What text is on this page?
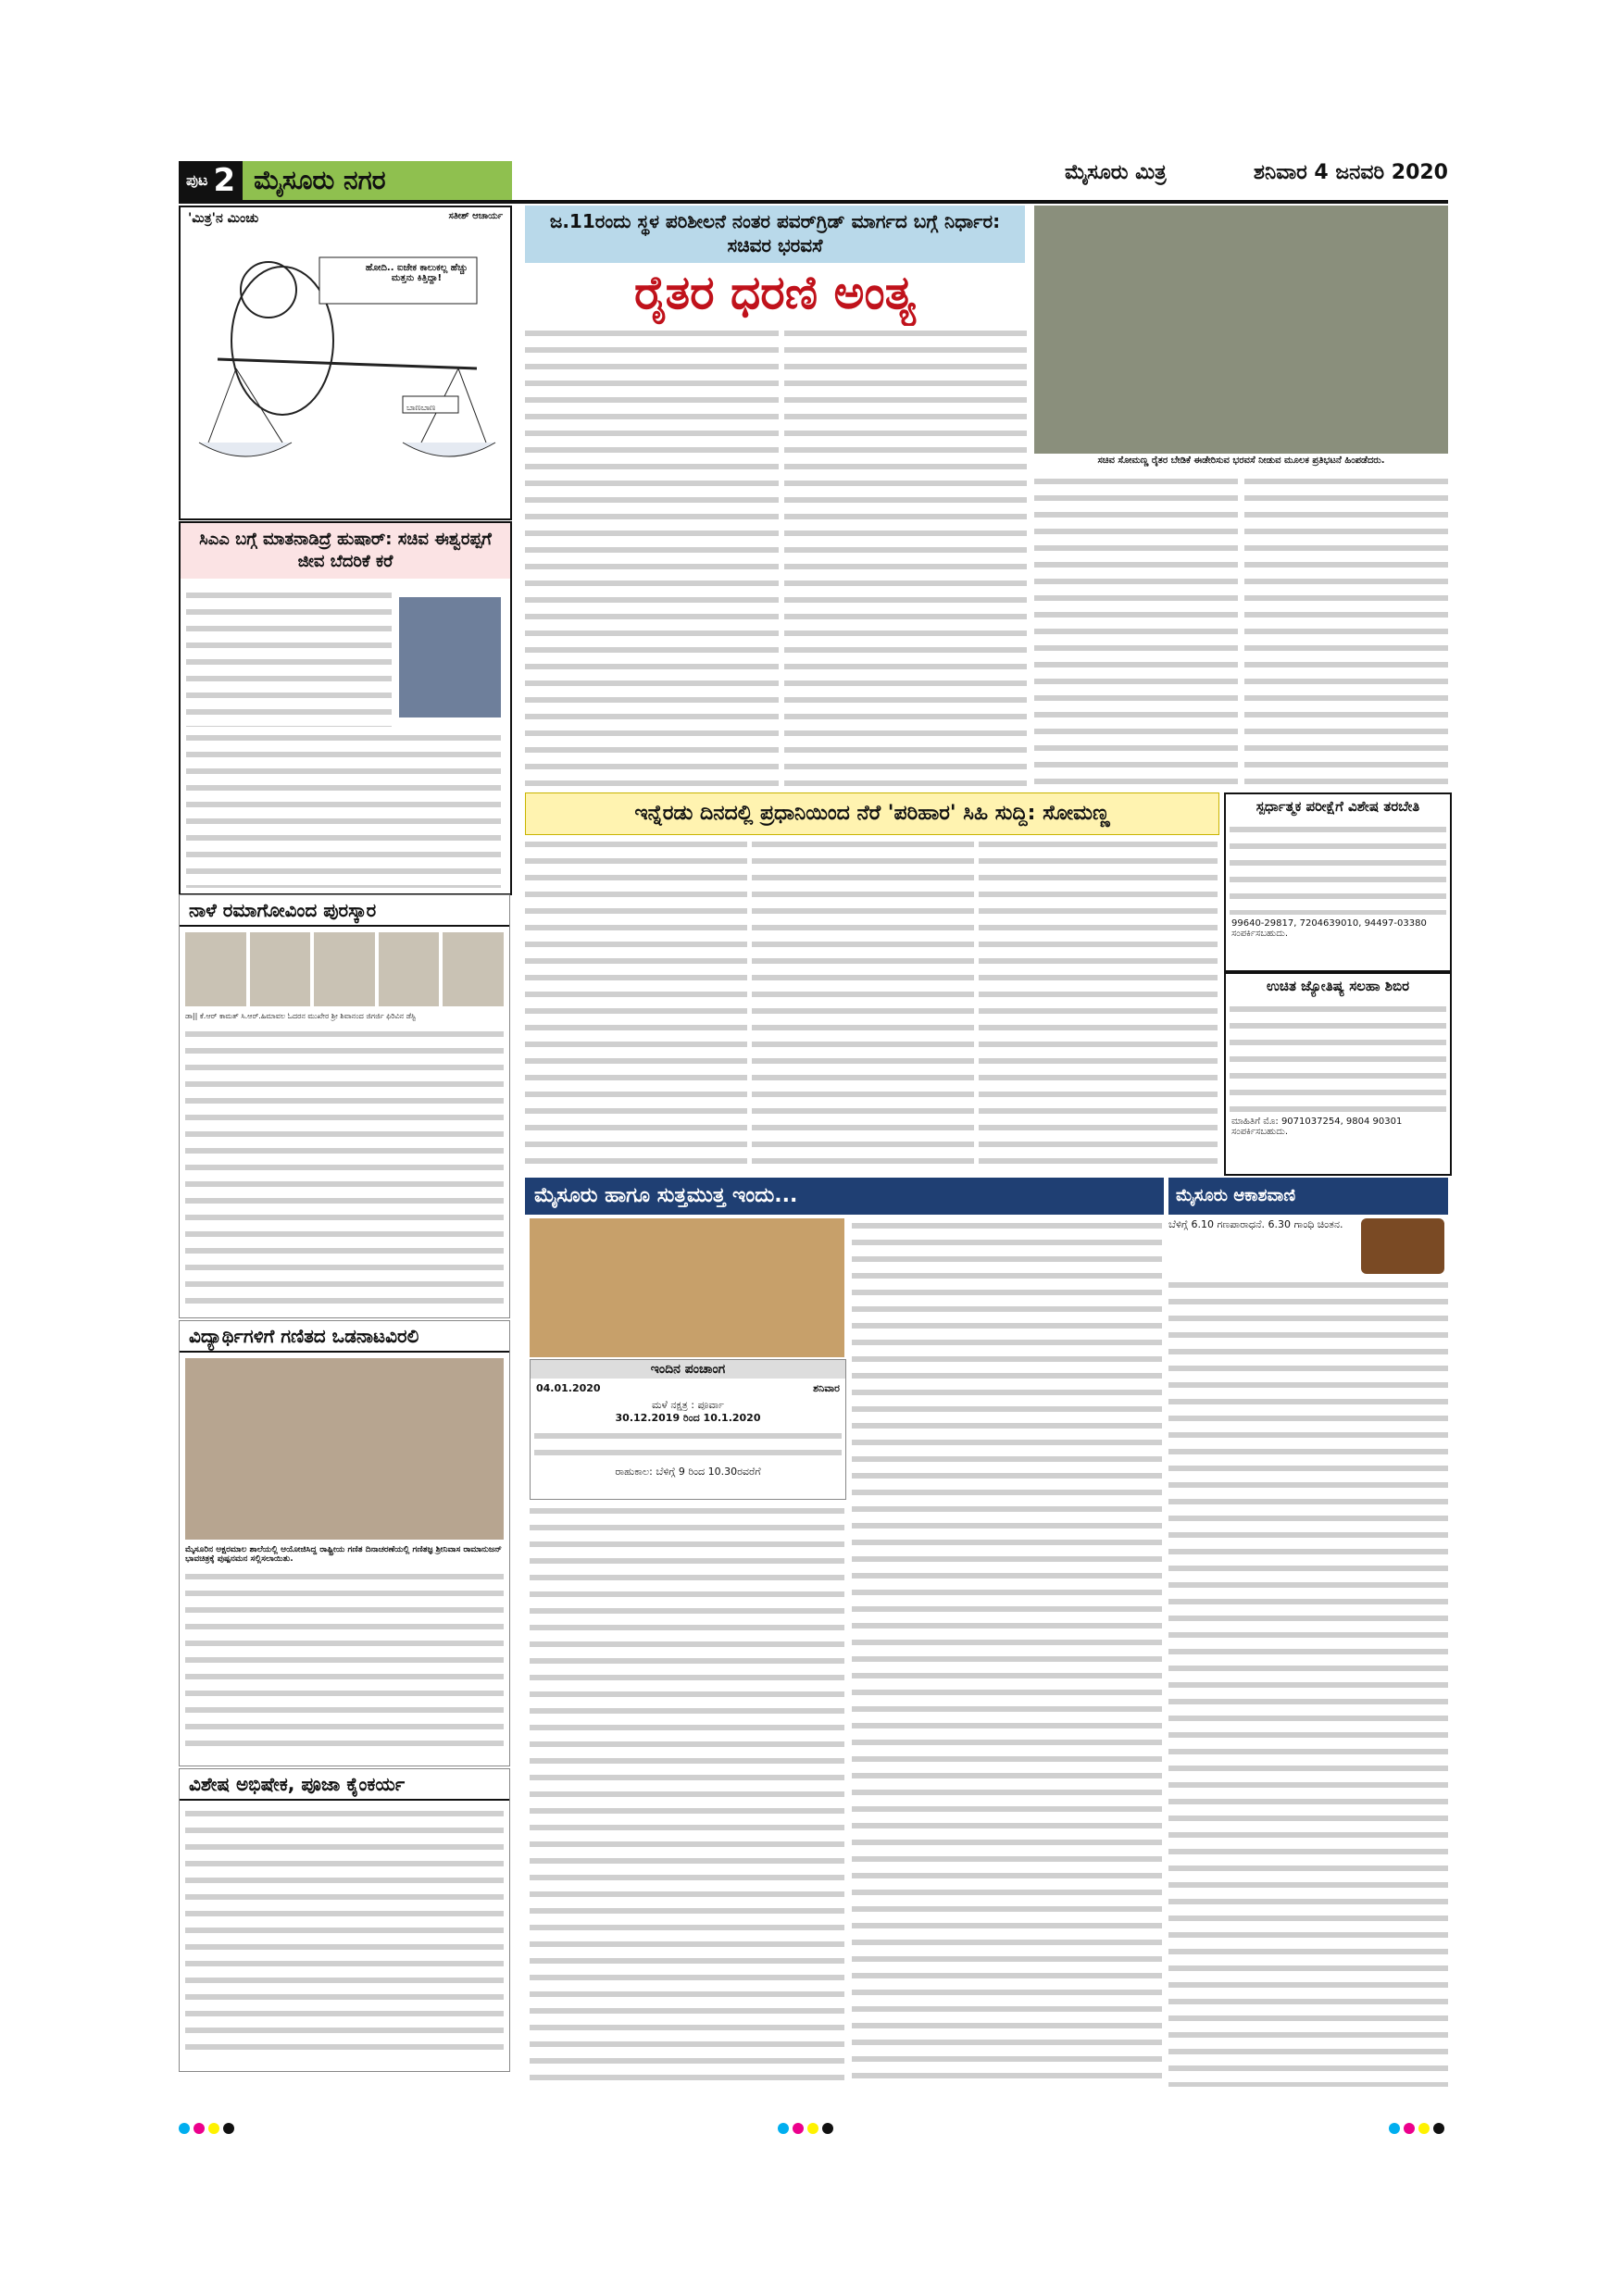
ಪುಟ 2 ಮೈಸೂರು ನಗರ	ಮೈಸೂರು ಮಿತ್ರ	ಶನಿವಾರ 4 ಜನವರಿ 2020
'ಮಿತ್ರ'ನ ಮಿಂಚು	ಸತೀಶ್ ಆಚಾರ್ಯ
ಹೋದಿ.. ಐಜೇಕ ಕಾಲುಕಲ್ಲ ಹೆಚ್ಚು ಮತ್ತನು ಕಿತ್ತಿದ್ದಾ!
ಬಾಣಬಾಣ
ಸಿಎಎ ಬಗ್ಗೆ ಮಾತನಾಡಿದ್ರೆ ಹುಷಾರ್: ಸಚಿವ ಈಶ್ವರಪ್ಪಗೆ ಜೀವ ಬೆದರಿಕೆ ಕರೆ
ನಾಳೆ ರಮಾಗೋವಿಂದ ಪುರಸ್ಕಾರ
ಡಾ|| ಕೆ.ಆರ್ ಕಾಮತ್ ಸಿ.ಆರ್.ಹಿಮಾವಲ ಓದರನ ಮುಖೇರ ಶ್ರೀ ಶಿವಾನಂದ ಜಿಗರ್ಜಿ ಫಿರಿವಿನ ಡೆಸ್ಟಿ
ವಿದ್ಯಾರ್ಥಿಗಳಿಗೆ ಗಣಿತದ ಒಡನಾಟವಿರಲಿ
ಮೈಸೂರಿನ ಅಕ್ಷರಮಾಲ ಶಾಲೆಯಲ್ಲಿ ಆಯೋಜಿಸಿದ್ದ ರಾಷ್ಟ್ರೀಯ ಗಣಿತ ದಿನಾಚರಣೆಯಲ್ಲಿ ಗಣಿತಜ್ಞ ಶ್ರೀನಿವಾಸ ರಾಮಾನುಜನ್ ಭಾವಚಿತ್ರಕ್ಕೆ ಪುಷ್ಪನಮನ ಸಲ್ಲಿಸಲಾಯಿತು.
ವಿಶೇಷ ಅಭಿಷೇಕ, ಪೂಜಾ ಕೈಂಕರ್ಯ
ಜ.11ರಂದು ಸ್ಥಳ ಪರಿಶೀಲನೆ ನಂತರ ಪವರ್‌ಗ್ರಿಡ್ ಮಾರ್ಗದ ಬಗ್ಗೆ ನಿರ್ಧಾರ: ಸಚಿವರ ಭರವಸೆ
ರೈತರ ಧರಣಿ ಅಂತ್ಯ
ಸಚಿವ ಸೋಮಣ್ಣ ರೈತರ ಬೇಡಿಕೆ ಈಡೇರಿಸುವ ಭರವಸೆ ನೀಡುವ ಮೂಲಕ ಪ್ರತಿಭಟನೆ ಹಿಂಪಡೆದರು.
ಇನ್ನೆರಡು ದಿನದಲ್ಲಿ ಪ್ರಧಾನಿಯಿಂದ ನೆರೆ 'ಪರಿಹಾರ' ಸಿಹಿ ಸುದ್ದಿ: ಸೋಮಣ್ಣ	ಸ್ಪರ್ಧಾತ್ಮಕ ಪರೀಕ್ಷೆಗೆ ವಿಶೇಷ ತರಬೇತಿ
99640-29817, 7204639010, 94497-03380 ಸಂಪರ್ಕಿಸಬಹುದು.
ಉಚಿತ ಜ್ಯೋತಿಷ್ಯ ಸಲಹಾ ಶಿಬಿರ
ಮಾಹಿತಿಗೆ ಮೊ: 9071037254, 9804 90301 ಸಂಪರ್ಕಿಸಬಹುದು.
ಮೈಸೂರು ಹಾಗೂ ಸುತ್ತಮುತ್ತ ಇಂದು...
ಇಂದಿನ ಪಂಚಾಂಗ
04.01.2020	ಶನಿವಾರ
ಮಳೆ ನಕ್ಷತ್ರ : ಪೂರ್ವಾ
30.12.2019 ರಿಂದ 10.1.2020
ರಾಹುಕಾಲ: ಬೆಳಿಗ್ಗೆ 9 ರಿಂದ 10.30ರವರೆಗೆ
ಮೈಸೂರು ಆಕಾಶವಾಣಿ
ಬೆಳಿಗ್ಗೆ 6.10 ಗಣಪಾರಾಧನೆ. 6.30 ಗಾಂಧಿ ಚಿಂತನ.
